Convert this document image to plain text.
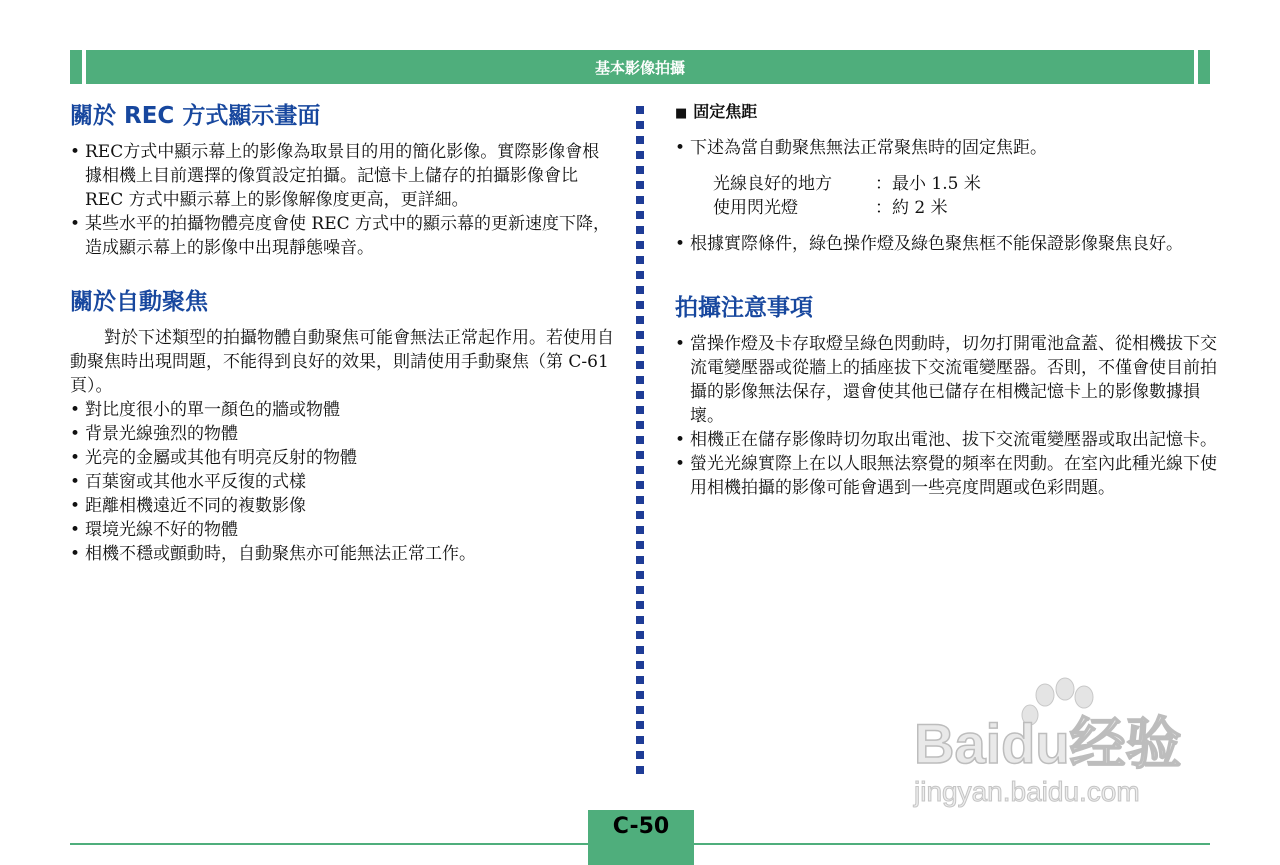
基本影像拍攝
關於 REC 方式顯示畫面
• REC方式中顯示幕上的影像為取景目的用的簡化影像。實際影像會根據相機上目前選擇的像質設定拍攝。記憶卡上儲存的拍攝影像會比 REC 方式中顯示幕上的影像解像度更高，更詳細。
• 某些水平的拍攝物體亮度會使 REC 方式中的顯示幕的更新速度下降，造成顯示幕上的影像中出現靜態噪音。
關於自動聚焦

對於下述類型的拍攝物體自動聚焦可能會無法正常起作用。若使用自動聚焦時出現問題，不能得到良好的效果，則請使用手動聚焦（第 C-61 頁）。

• 對比度很小的單一顏色的牆或物體
• 背景光線強烈的物體
• 光亮的金屬或其他有明亮反射的物體
• 百葉窗或其他水平反復的式樣
• 距離相機遠近不同的複數影像
• 環境光線不好的物體
• 相機不穩或顫動時，自動聚焦亦可能無法正常工作。
■ 固定焦距
• 下述為當自動聚焦無法正常聚焦時的固定焦距。
光線良好的地方	：最小 1.5 米
使用閃光燈	：約 2 米
• 根據實際條件，綠色操作燈及綠色聚焦框不能保證影像聚焦良好。
拍攝注意事項
• 當操作燈及卡存取燈呈綠色閃動時，切勿打開電池盒蓋、從相機拔下交流電變壓器或從牆上的插座拔下交流電變壓器。否則，不僅會使目前拍攝的影像無法保存，還會使其他已儲存在相機記憶卡上的影像數據損壞。
• 相機正在儲存影像時切勿取出電池、拔下交流電變壓器或取出記憶卡。
• 螢光光線實際上在以人眼無法察覺的頻率在閃動。在室內此種光線下使用相機拍攝的影像可能會遇到一些亮度問題或色彩問題。
Baidu经验
jingyan.baidu.com
C-50
